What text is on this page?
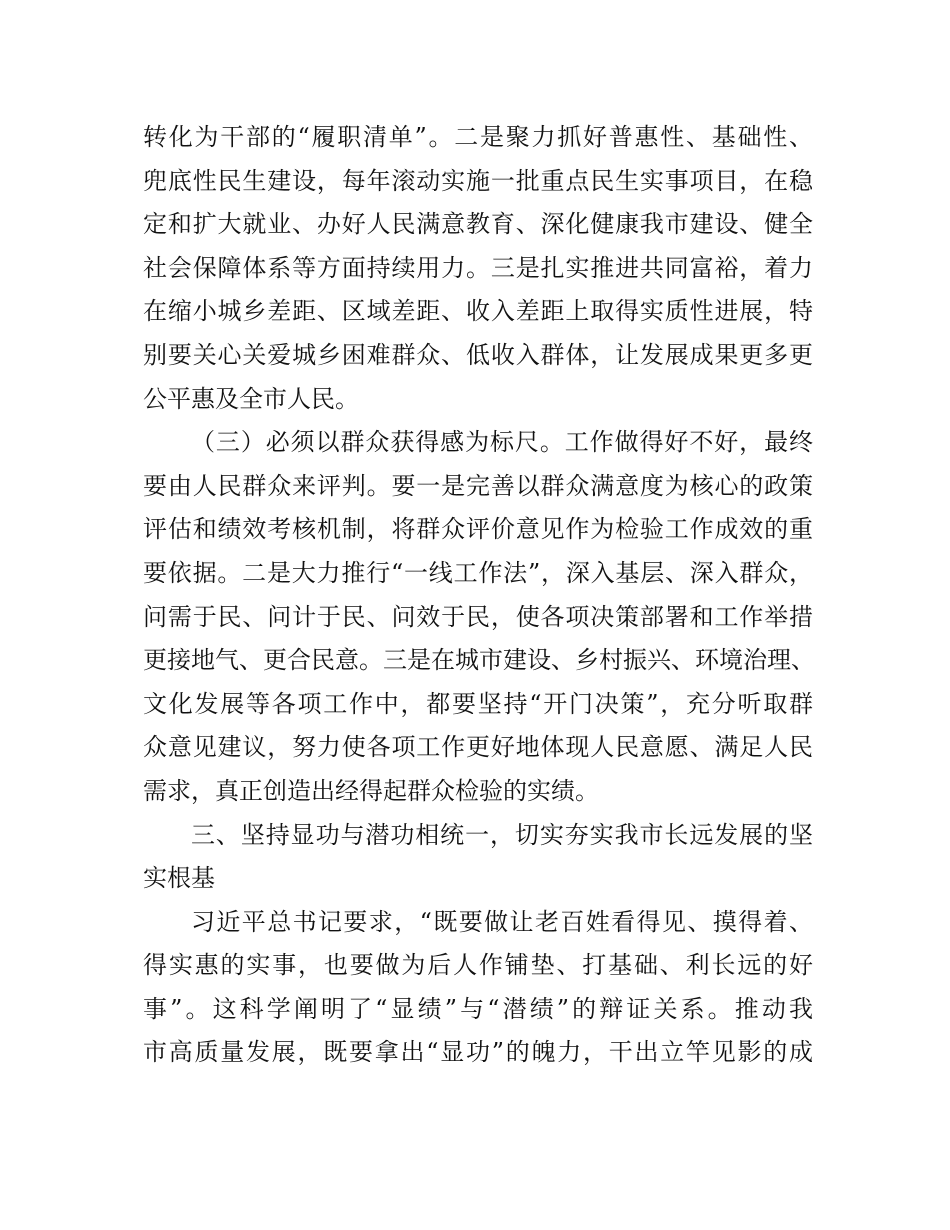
转化为干部的“履职清单”。二是聚力抓好普惠性、基础性、
兜底性民生建设，每年滚动实施一批重点民生实事项目，在稳
定和扩大就业、办好人民满意教育、深化健康我市建设、健全
社会保障体系等方面持续用力。三是扎实推进共同富裕，着力
在缩小城乡差距、区域差距、收入差距上取得实质性进展，特
别要关心关爱城乡困难群众、低收入群体，让发展成果更多更
公平惠及全市人民。
（三）必须以群众获得感为标尺。工作做得好不好，最终
要由人民群众来评判。要一是完善以群众满意度为核心的政策
评估和绩效考核机制，将群众评价意见作为检验工作成效的重
要依据。二是大力推行“一线工作法”，深入基层、深入群众，
问需于民、问计于民、问效于民，使各项决策部署和工作举措
更接地气、更合民意。三是在城市建设、乡村振兴、环境治理、
文化发展等各项工作中，都要坚持“开门决策”，充分听取群
众意见建议，努力使各项工作更好地体现人民意愿、满足人民
需求，真正创造出经得起群众检验的实绩。
三、坚持显功与潜功相统一，切实夯实我市长远发展的坚
实根基
习近平总书记要求，“既要做让老百姓看得见、摸得着、
得实惠的实事，也要做为后人作铺垫、打基础、利长远的好
事”。这科学阐明了“显绩”与“潜绩”的辩证关系。推动我
市高质量发展，既要拿出“显功”的魄力，干出立竿见影的成
